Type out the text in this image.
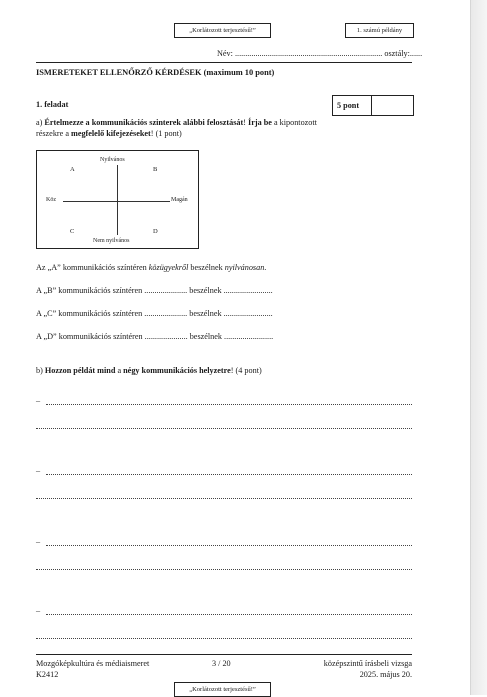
„Korlátozott terjesztésű!”	1. számú példány
Név: ........................................................................ osztály:......
ISMERETEKET ELLENŐRZŐ KÉRDÉSEK (maximum 10 pont)
1. feladat	5 pont
a) Értelmezze a kommunikációs szinterek alábbi felosztását! Írja be a kipontozott
részekre a megfelelő kifejezéseket! (1 pont)
Nyilvános
Nem nyilvános
Köz	Magán
A	B
C	D
Az „A” kommunikációs színtéren közügyekről beszélnek nyilvánosan.
A „B” kommunikációs színtéren ..................... beszélnek ........................
A „C” kommunikációs színtéren ..................... beszélnek ........................
A „D” kommunikációs színtéren ..................... beszélnek ........................
b) Hozzon példát mind a négy kommunikációs helyzetre! (4 pont)
–
–
–
–
Mozgóképkultúra és médiaismeret
K2412
3 / 20	középszintű írásbeli vizsga
2025. május 20.
„Korlátozott terjesztésű!”
